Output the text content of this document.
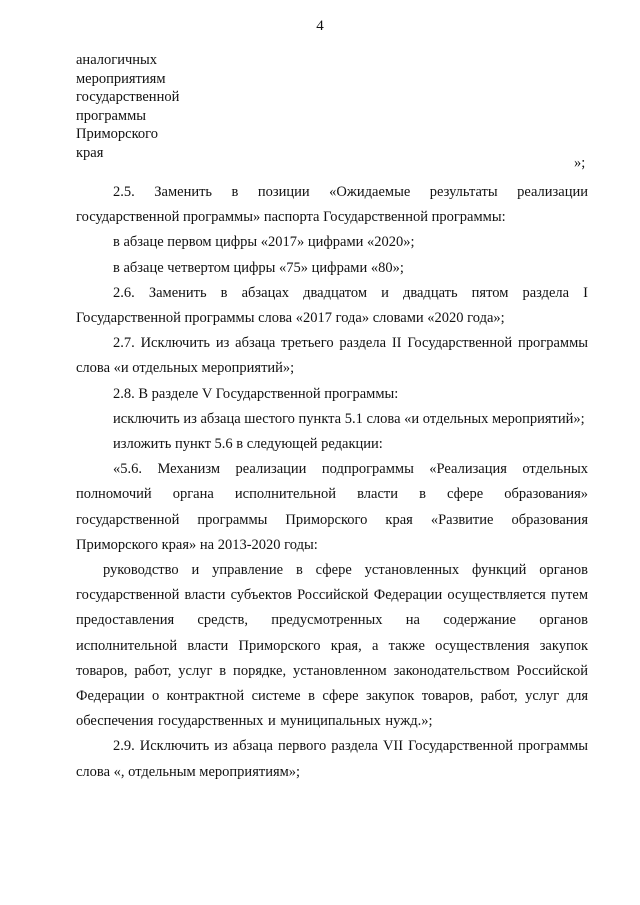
4
аналогичных
мероприятиям
государственной
программы
Приморского
края
»;

2.5. Заменить в позиции «Ожидаемые результаты реализации государственной программы» паспорта Государственной программы:

в абзаце первом цифры «2017» цифрами «2020»;

в абзаце четвертом цифры «75» цифрами «80»;

2.6. Заменить в абзацах двадцатом и двадцать пятом раздела I Государственной программы слова «2017 года» словами «2020 года»;

2.7. Исключить из абзаца третьего раздела II Государственной программы слова «и отдельных мероприятий»;

2.8. В разделе V Государственной программы:

исключить из абзаца шестого пункта 5.1 слова «и отдельных мероприятий»;

изложить пункт 5.6 в следующей редакции:

«5.6. Механизм реализации подпрограммы «Реализация отдельных полномочий органа исполнительной власти в сфере образования» государственной программы Приморского края «Развитие образования Приморского края» на 2013-2020 годы:

руководство и управление в сфере установленных функций органов государственной власти субъектов Российской Федерации осуществляется путем предоставления средств, предусмотренных на содержание органов исполнительной власти Приморского края, а также осуществления закупок товаров, работ, услуг в порядке, установленном законодательством Российской Федерации о контрактной системе в сфере закупок товаров, работ, услуг для обеспечения государственных и муниципальных нужд.»;

2.9. Исключить из абзаца первого раздела VII Государственной программы слова «, отдельным мероприятиям»;
